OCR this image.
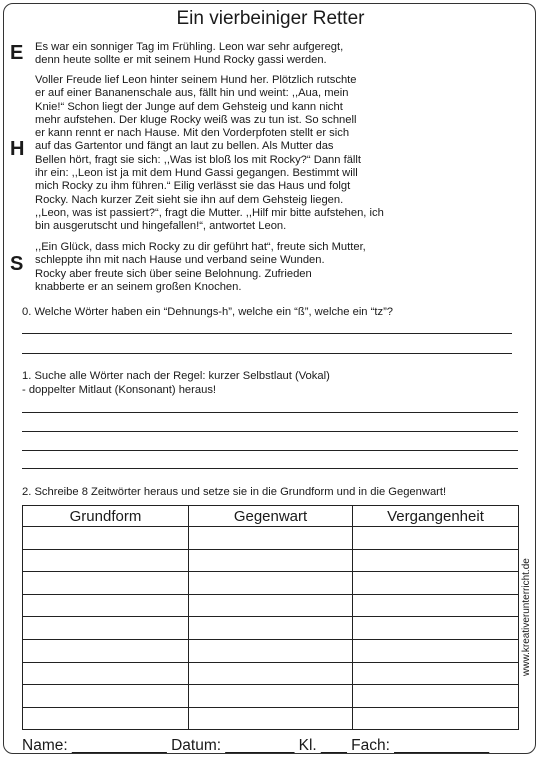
Ein vierbeiniger Retter
E
H
S
Es war ein sonniger Tag im Frühling. Leon war sehr aufgeregt,
denn heute sollte er mit seinem Hund Rocky gassi werden.
Voller Freude lief Leon hinter seinem Hund her. Plötzlich rutschte
er auf einer Bananenschale aus, fällt hin und weint: ,,Aua, mein
Knie!“ Schon liegt der Junge auf dem Gehsteig und kann nicht
mehr aufstehen. Der kluge Rocky weiß was zu tun ist. So schnell
er kann rennt er nach Hause. Mit den Vorderpfoten stellt er sich
auf das Gartentor und fängt an laut zu bellen. Als Mutter das
Bellen hört, fragt sie sich: ,,Was ist bloß los mit Rocky?“ Dann fällt
ihr ein: ,,Leon ist ja mit dem Hund Gassi gegangen. Bestimmt will
mich Rocky zu ihm führen.“ Eilig verlässt sie das Haus und folgt
Rocky. Nach kurzer Zeit sieht sie ihn auf dem Gehsteig liegen.
,,Leon, was ist passiert?“, fragt die Mutter. ,,Hilf mir bitte aufstehen, ich
bin ausgerutscht und hingefallen!“, antwortet Leon.
,,Ein Glück, dass mich Rocky zu dir geführt hat“, freute sich Mutter,
schleppte ihn mit nach Hause und verband seine Wunden.
Rocky aber freute sich über seine Belohnung. Zufrieden
knabberte er an seinem großen Knochen.
0. Welche Wörter haben ein “Dehnungs-h”, welche ein “ß”, welche ein “tz”?
1. Suche alle Wörter nach der Regel: kurzer Selbstlaut (Vokal)
- doppelter Mitlaut (Konsonant) heraus!
2. Schreibe 8 Zeitwörter heraus und setze sie in die Grundform und in die Gegenwart!
Grundform	Gegenwart	Vergangenheit

www.kreativerunterricht.de
Name: ___________ Datum: ________ Kl. ___ Fach: ___________
